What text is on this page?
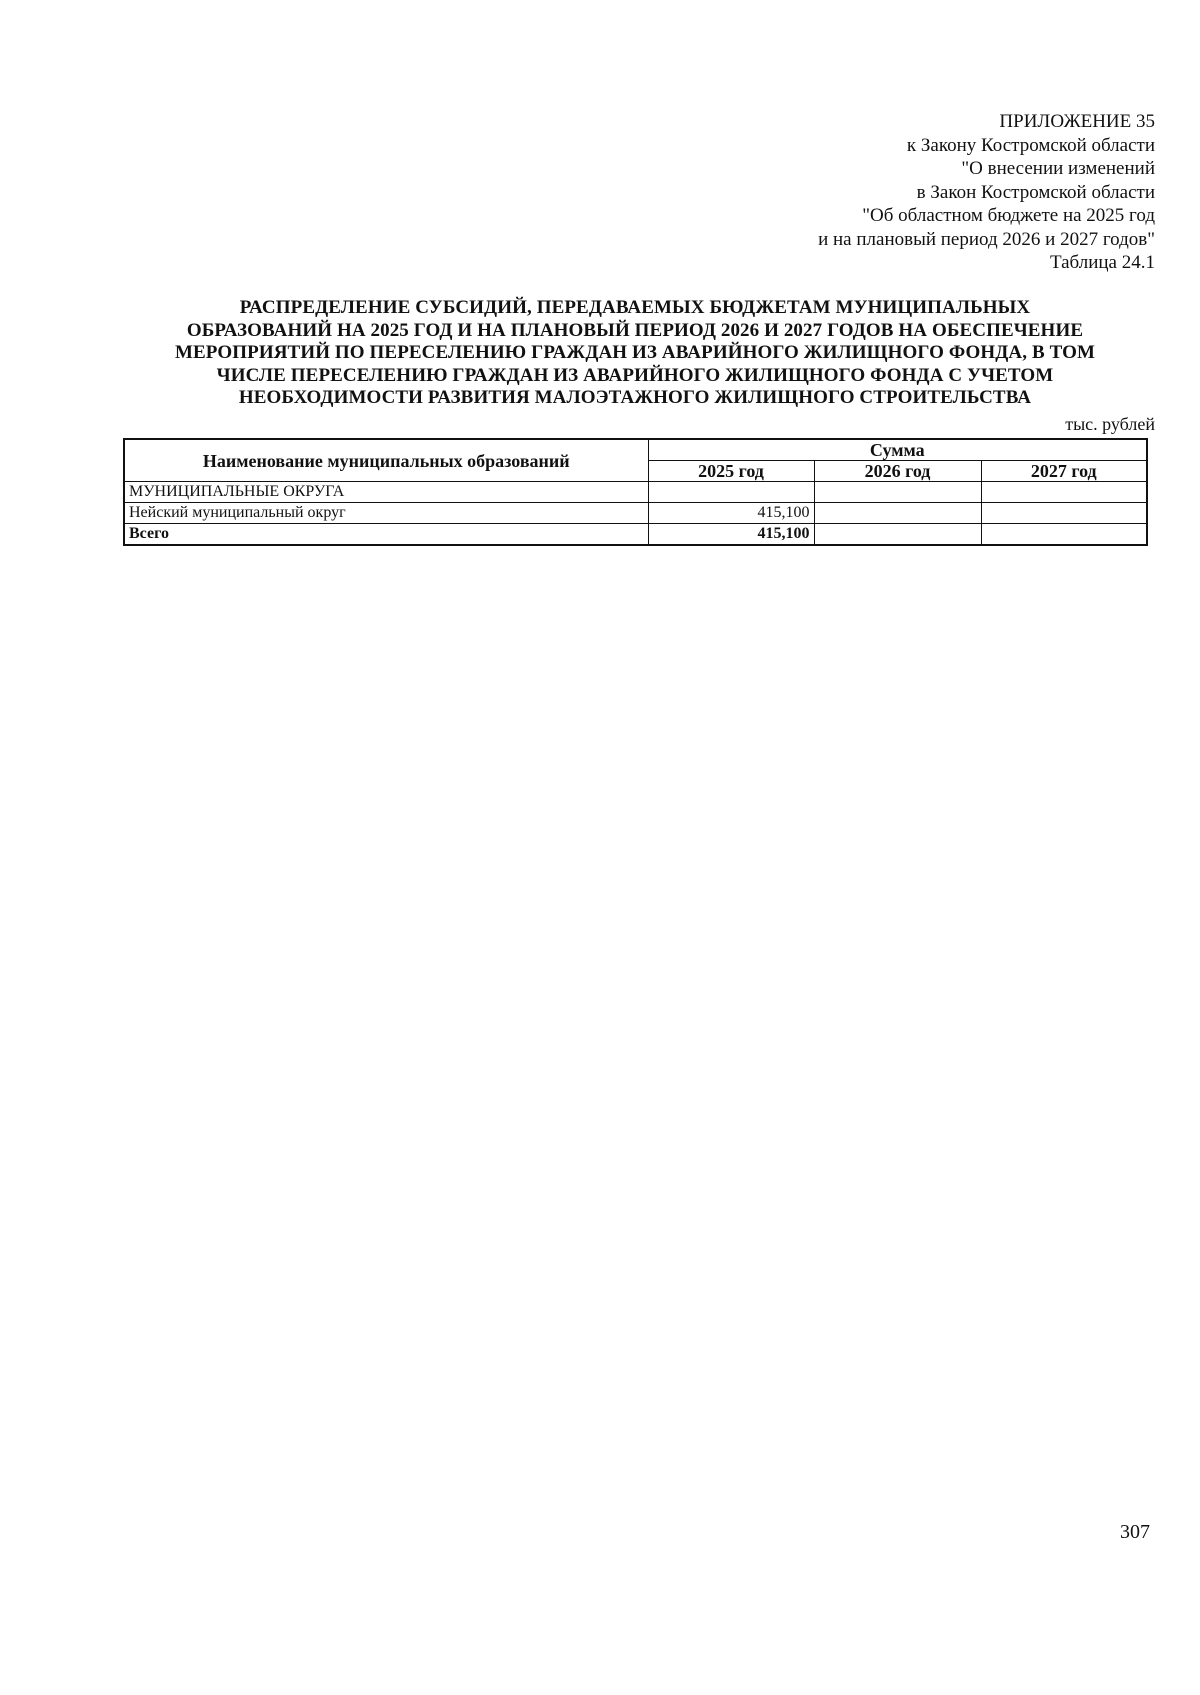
ПРИЛОЖЕНИЕ 35
к Закону Костромской области
"О внесении изменений
в Закон Костромской области
"Об областном бюджете на 2025 год
и на плановый период 2026 и 2027 годов"
Таблица 24.1
РАСПРЕДЕЛЕНИЕ СУБСИДИЙ, ПЕРЕДАВАЕМЫХ БЮДЖЕТАМ МУНИЦИПАЛЬНЫХ
ОБРАЗОВАНИЙ НА 2025 ГОД И НА ПЛАНОВЫЙ ПЕРИОД 2026 И 2027 ГОДОВ НА ОБЕСПЕЧЕНИЕ
МЕРОПРИЯТИЙ ПО ПЕРЕСЕЛЕНИЮ ГРАЖДАН ИЗ АВАРИЙНОГО ЖИЛИЩНОГО ФОНДА, В ТОМ
ЧИСЛЕ ПЕРЕСЕЛЕНИЮ ГРАЖДАН ИЗ АВАРИЙНОГО ЖИЛИЩНОГО ФОНДА С УЧЕТОМ
НЕОБХОДИМОСТИ РАЗВИТИЯ МАЛОЭТАЖНОГО ЖИЛИЩНОГО СТРОИТЕЛЬСТВА
тыс. рублей
Наименование муниципальных образований	Сумма		
	2025 год	2026 год	2027 год
МУНИЦИПАЛЬНЫЕ ОКРУГА			
Нейский муниципальный округ	415,100		
Всего	415,100		
307
